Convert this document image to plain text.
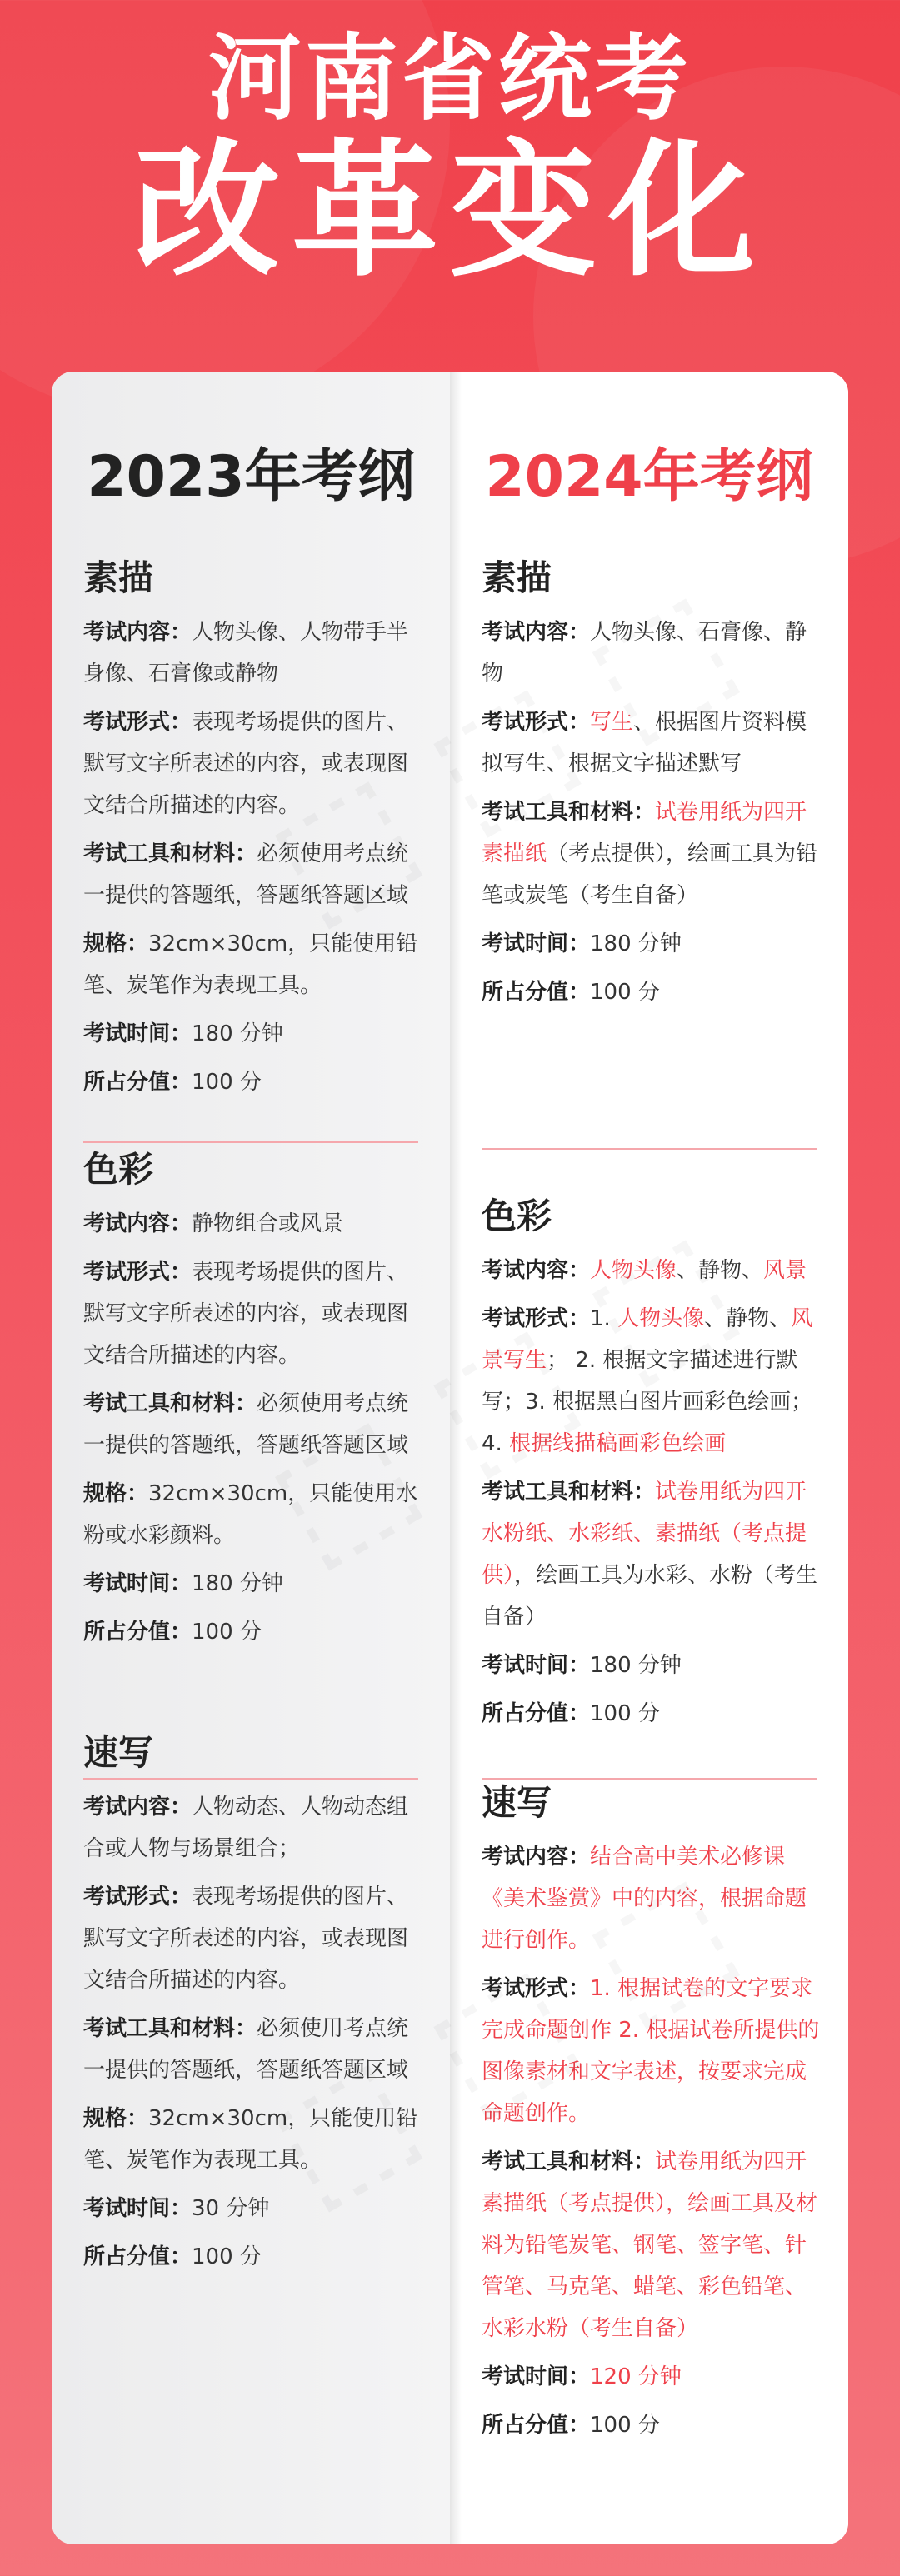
河南省统考
改革变化
2023年考纲
素描
考试内容：人物头像、人物带手半身像、石膏像或静物
考试形式：表现考场提供的图片、默写文字所表述的内容，或表现图文结合所描述的内容。
考试工具和材料：必须使用考点统一提供的答题纸，答题纸答题区域
规格：32cm×30cm，只能使用铅笔、炭笔作为表现工具。
考试时间：180 分钟
所占分值：100 分
色彩
考试内容：静物组合或风景
考试形式：表现考场提供的图片、默写文字所表述的内容，或表现图文结合所描述的内容。
考试工具和材料：必须使用考点统一提供的答题纸，答题纸答题区域
规格：32cm×30cm，只能使用水粉或水彩颜料。
考试时间：180 分钟
所占分值：100 分
速写
考试内容：人物动态、人物动态组合或人物与场景组合；
考试形式：表现考场提供的图片、默写文字所表述的内容，或表现图文结合所描述的内容。
考试工具和材料：必须使用考点统一提供的答题纸，答题纸答题区域
规格：32cm×30cm，只能使用铅笔、炭笔作为表现工具。
考试时间：30 分钟
所占分值：100 分
2024年考纲
素描
考试内容：人物头像、石膏像、静物
考试形式：写生、根据图片资料模拟写生、根据文字描述默写
考试工具和材料：试卷用纸为四开素描纸（考点提供），绘画工具为铅笔或炭笔（考生自备）
考试时间：180 分钟
所占分值：100 分
色彩
考试内容：人物头像、静物、风景
考试形式：1. 人物头像、静物、风景写生； 2. 根据文字描述进行默写；3. 根据黑白图片画彩色绘画； 4. 根据线描稿画彩色绘画
考试工具和材料：试卷用纸为四开水粉纸、水彩纸、素描纸（考点提供），绘画工具为水彩、水粉（考生自备）
考试时间：180 分钟
所占分值：100 分
速写
考试内容：结合高中美术必修课《美术鉴赏》中的内容，根据命题进行创作。
考试形式：1. 根据试卷的文字要求完成命题创作 2. 根据试卷所提供的图像素材和文字表述，按要求完成命题创作。
考试工具和材料：试卷用纸为四开素描纸（考点提供），绘画工具及材料为铅笔炭笔、钢笔、签字笔、针管笔、马克笔、蜡笔、彩色铅笔、水彩水粉（考生自备）
考试时间：120 分钟
所占分值：100 分
